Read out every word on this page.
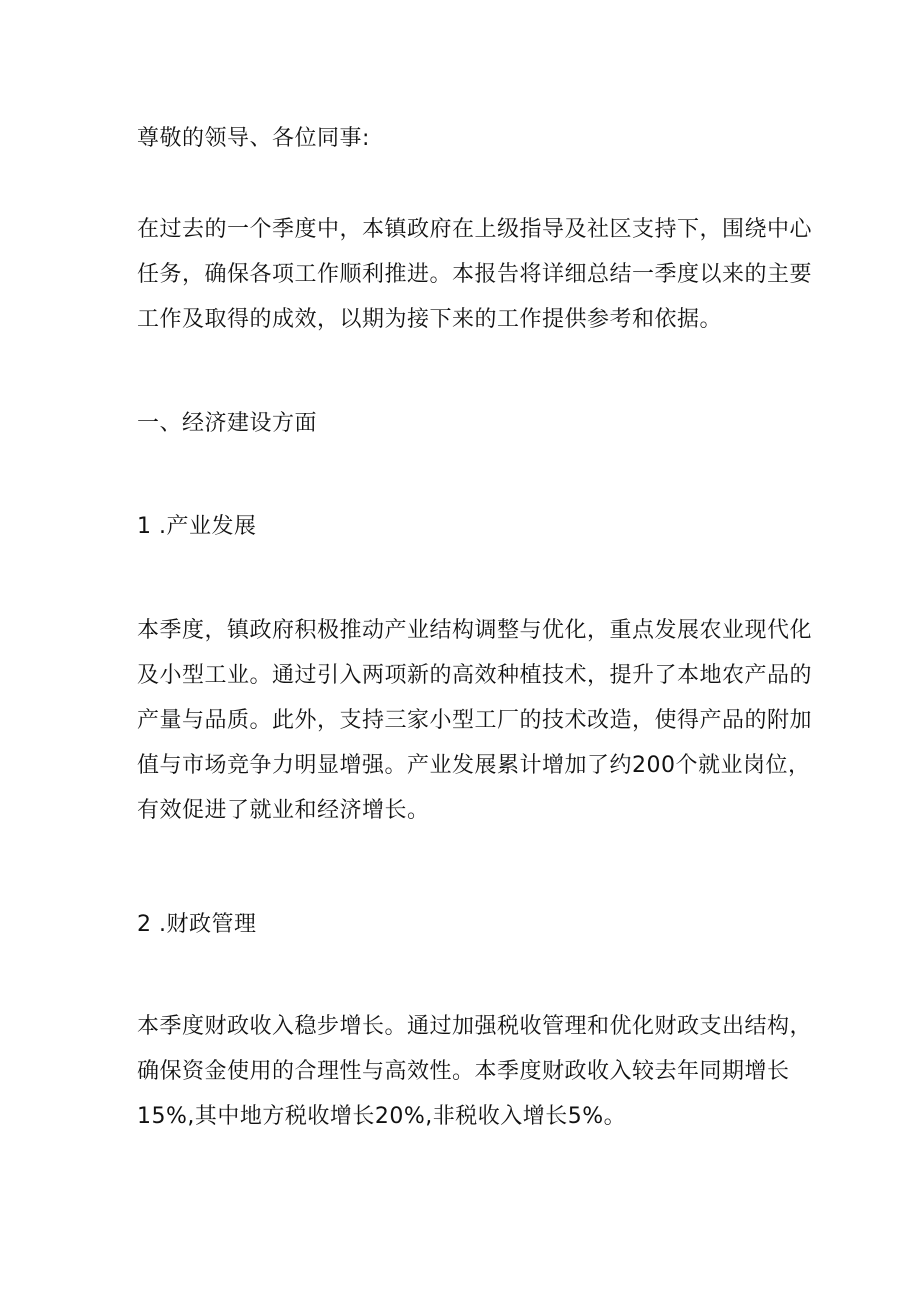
尊敬的领导、各位同事:

在过去的一个季度中，本镇政府在上级指导及社区支持下，围绕中心
任务，确保各项工作顺利推进。本报告将详细总结一季度以来的主要
工作及取得的成效，以期为接下来的工作提供参考和依据。

一、经济建设方面

1 .产业发展

本季度，镇政府积极推动产业结构调整与优化，重点发展农业现代化
及小型工业。通过引入两项新的高效种植技术，提升了本地农产品的
产量与品质。此外，支持三家小型工厂的技术改造，使得产品的附加
值与市场竞争力明显增强。产业发展累计增加了约200个就业岗位，
有效促进了就业和经济增长。

2 .财政管理

本季度财政收入稳步增长。通过加强税收管理和优化财政支出结构，
确保资金使用的合理性与高效性。本季度财政收入较去年同期增长
15%,其中地方税收增长20%,非税收入增长5%。
